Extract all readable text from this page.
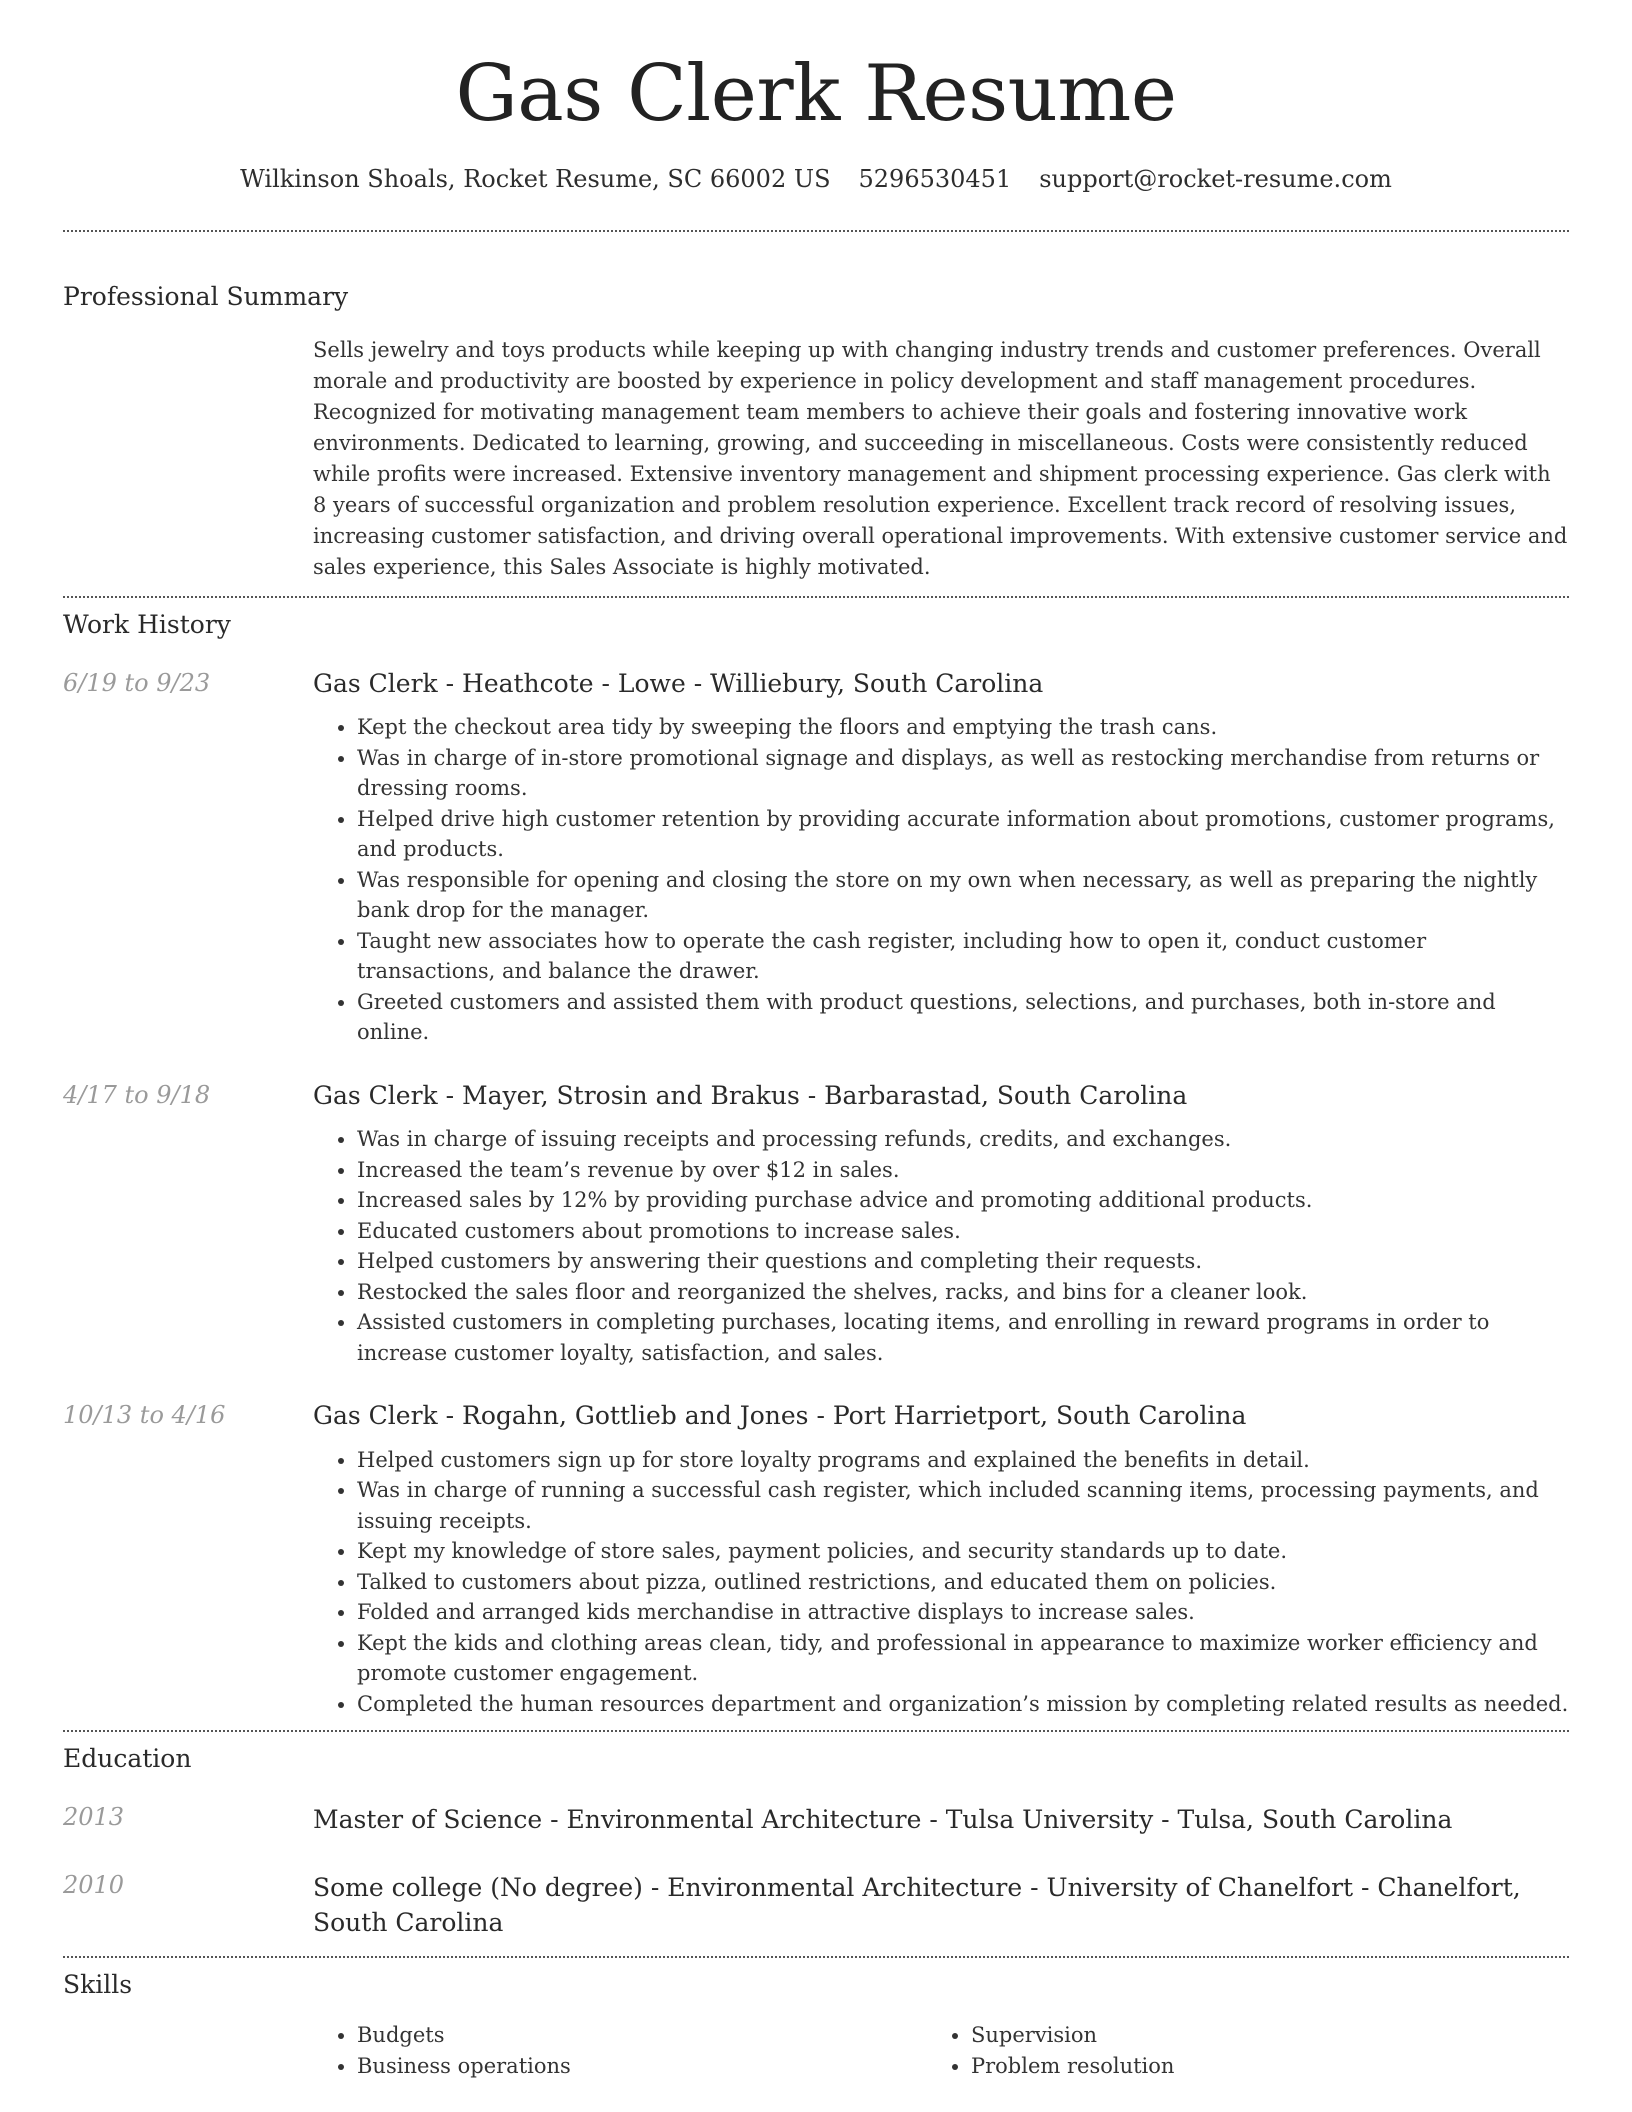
Gas Clerk Resume
Wilkinson Shoals, Rocket Resume, SC 66002 US 5296530451 support@rocket-resume.com
Professional Summary

Sells jewelry and toys products while keeping up with changing industry trends and customer preferences. Overall morale and productivity are boosted by experience in policy development and staff management procedures. Recognized for motivating management team members to achieve their goals and fostering innovative work environments. Dedicated to learning, growing, and succeeding in miscellaneous. Costs were consistently reduced while profits were increased. Extensive inventory management and shipment processing experience. Gas clerk with 8 years of successful organization and problem resolution experience. Excellent track record of resolving issues, increasing customer satisfaction, and driving overall operational improvements. With extensive customer service and sales experience, this Sales Associate is highly motivated.

Work History
6/19 to 9/23	Gas Clerk - Heathcote - Lowe - Williebury, South Carolina
• Kept the checkout area tidy by sweeping the floors and emptying the trash cans.
• Was in charge of in-store promotional signage and displays, as well as restocking merchandise from returns or dressing rooms.
• Helped drive high customer retention by providing accurate information about promotions, customer programs, and products.
• Was responsible for opening and closing the store on my own when necessary, as well as preparing the nightly bank drop for the manager.
• Taught new associates how to operate the cash register, including how to open it, conduct customer transactions, and balance the drawer.
• Greeted customers and assisted them with product questions, selections, and purchases, both in-store and online.
4/17 to 9/18	Gas Clerk - Mayer, Strosin and Brakus - Barbarastad, South Carolina
• Was in charge of issuing receipts and processing refunds, credits, and exchanges.
• Increased the team’s revenue by over $12 in sales.
• Increased sales by 12% by providing purchase advice and promoting additional products.
• Educated customers about promotions to increase sales.
• Helped customers by answering their questions and completing their requests.
• Restocked the sales floor and reorganized the shelves, racks, and bins for a cleaner look.
• Assisted customers in completing purchases, locating items, and enrolling in reward programs in order to increase customer loyalty, satisfaction, and sales.
10/13 to 4/16	Gas Clerk - Rogahn, Gottlieb and Jones - Port Harrietport, South Carolina
• Helped customers sign up for store loyalty programs and explained the benefits in detail.
• Was in charge of running a successful cash register, which included scanning items, processing payments, and issuing receipts.
• Kept my knowledge of store sales, payment policies, and security standards up to date.
• Talked to customers about pizza, outlined restrictions, and educated them on policies.
• Folded and arranged kids merchandise in attractive displays to increase sales.
• Kept the kids and clothing areas clean, tidy, and professional in appearance to maximize worker efficiency and promote customer engagement.
• Completed the human resources department and organization’s mission by completing related results as needed.
Education
2013	Master of Science - Environmental Architecture - Tulsa University - Tulsa, South Carolina
2010	Some college (No degree) - Environmental Architecture - University of Chanelfort - Chanelfort, South Carolina
Skills
• Budgets
• Business operations
• Supervision
• Problem resolution
